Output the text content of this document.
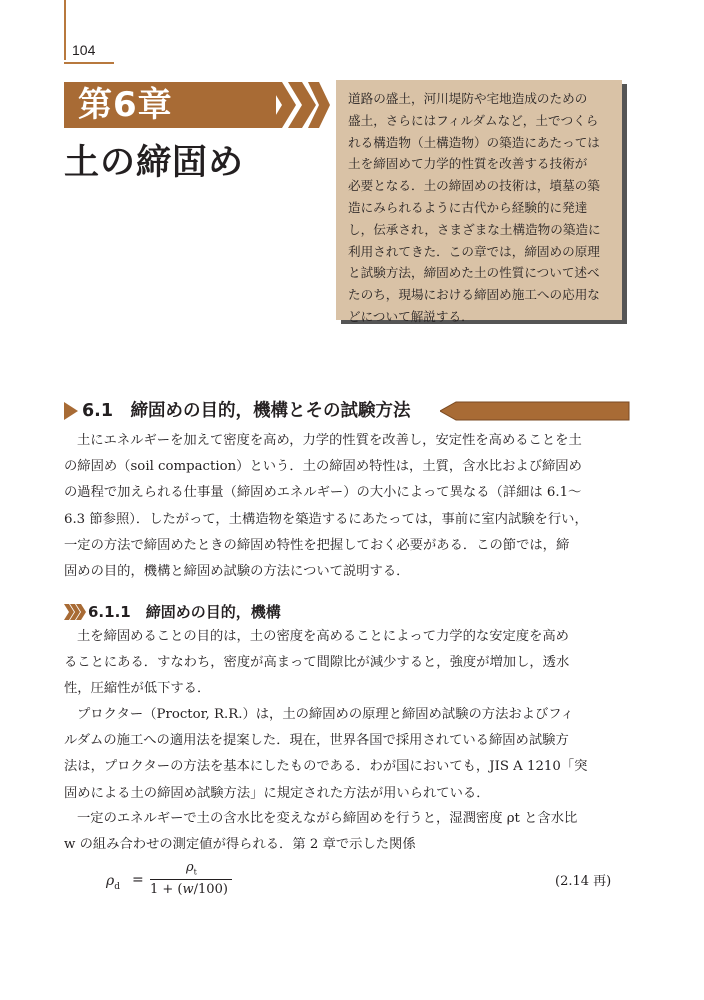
104
第6章
土の締固め

道路の盛土，河川堤防や宅地造成のための
盛土，さらにはフィルダムなど，土でつくら
れる構造物（土構造物）の築造にあたっては
土を締固めて力学的性質を改善する技術が
必要となる．土の締固めの技術は，墳墓の築
造にみられるように古代から経験的に発達
し，伝承され，さまざまな土構造物の築造に
利用されてきた．この章では，締固めの原理
と試験方法，締固めた土の性質について述べ
たのち，現場における締固め施工への応用な
どについて解説する．

6.1　締固めの目的，機構とその試験方法
土にエネルギーを加えて密度を高め，力学的性質を改善し，安定性を高めることを土
の締固め（soil compaction）という．土の締固め特性は，土質，含水比および締固め
の過程で加えられる仕事量（締固めエネルギー）の大小によって異なる（詳細は 6.1〜
6.3 節参照）．したがって，土構造物を築造するにあたっては，事前に室内試験を行い，
一定の方法で締固めたときの締固め特性を把握しておく必要がある．この節では，締
固めの目的，機構と締固め試験の方法について説明する．
6.1.1　締固めの目的，機構
土を締固めることの目的は，土の密度を高めることによって力学的な安定度を高め
ることにある．すなわち，密度が高まって間隙比が減少すると，強度が増加し，透水
性，圧縮性が低下する．
プロクター（Proctor, R.R.）は，土の締固めの原理と締固め試験の方法およびフィ
ルダムの施工への適用法を提案した．現在，世界各国で採用されている締固め試験方
法は，プロクターの方法を基本にしたものである．わが国においても，JIS A 1210「突
固めによる土の締固め試験方法」に規定された方法が用いられている．
一定のエネルギーで土の含水比を変えながら締固めを行うと，湿潤密度 ρt と含水比
w の組み合わせの測定値が得られる．第 2 章で示した関係
$\rho_d$ =
$\rho_t$
1 + (w/100)
(2.14 再)
